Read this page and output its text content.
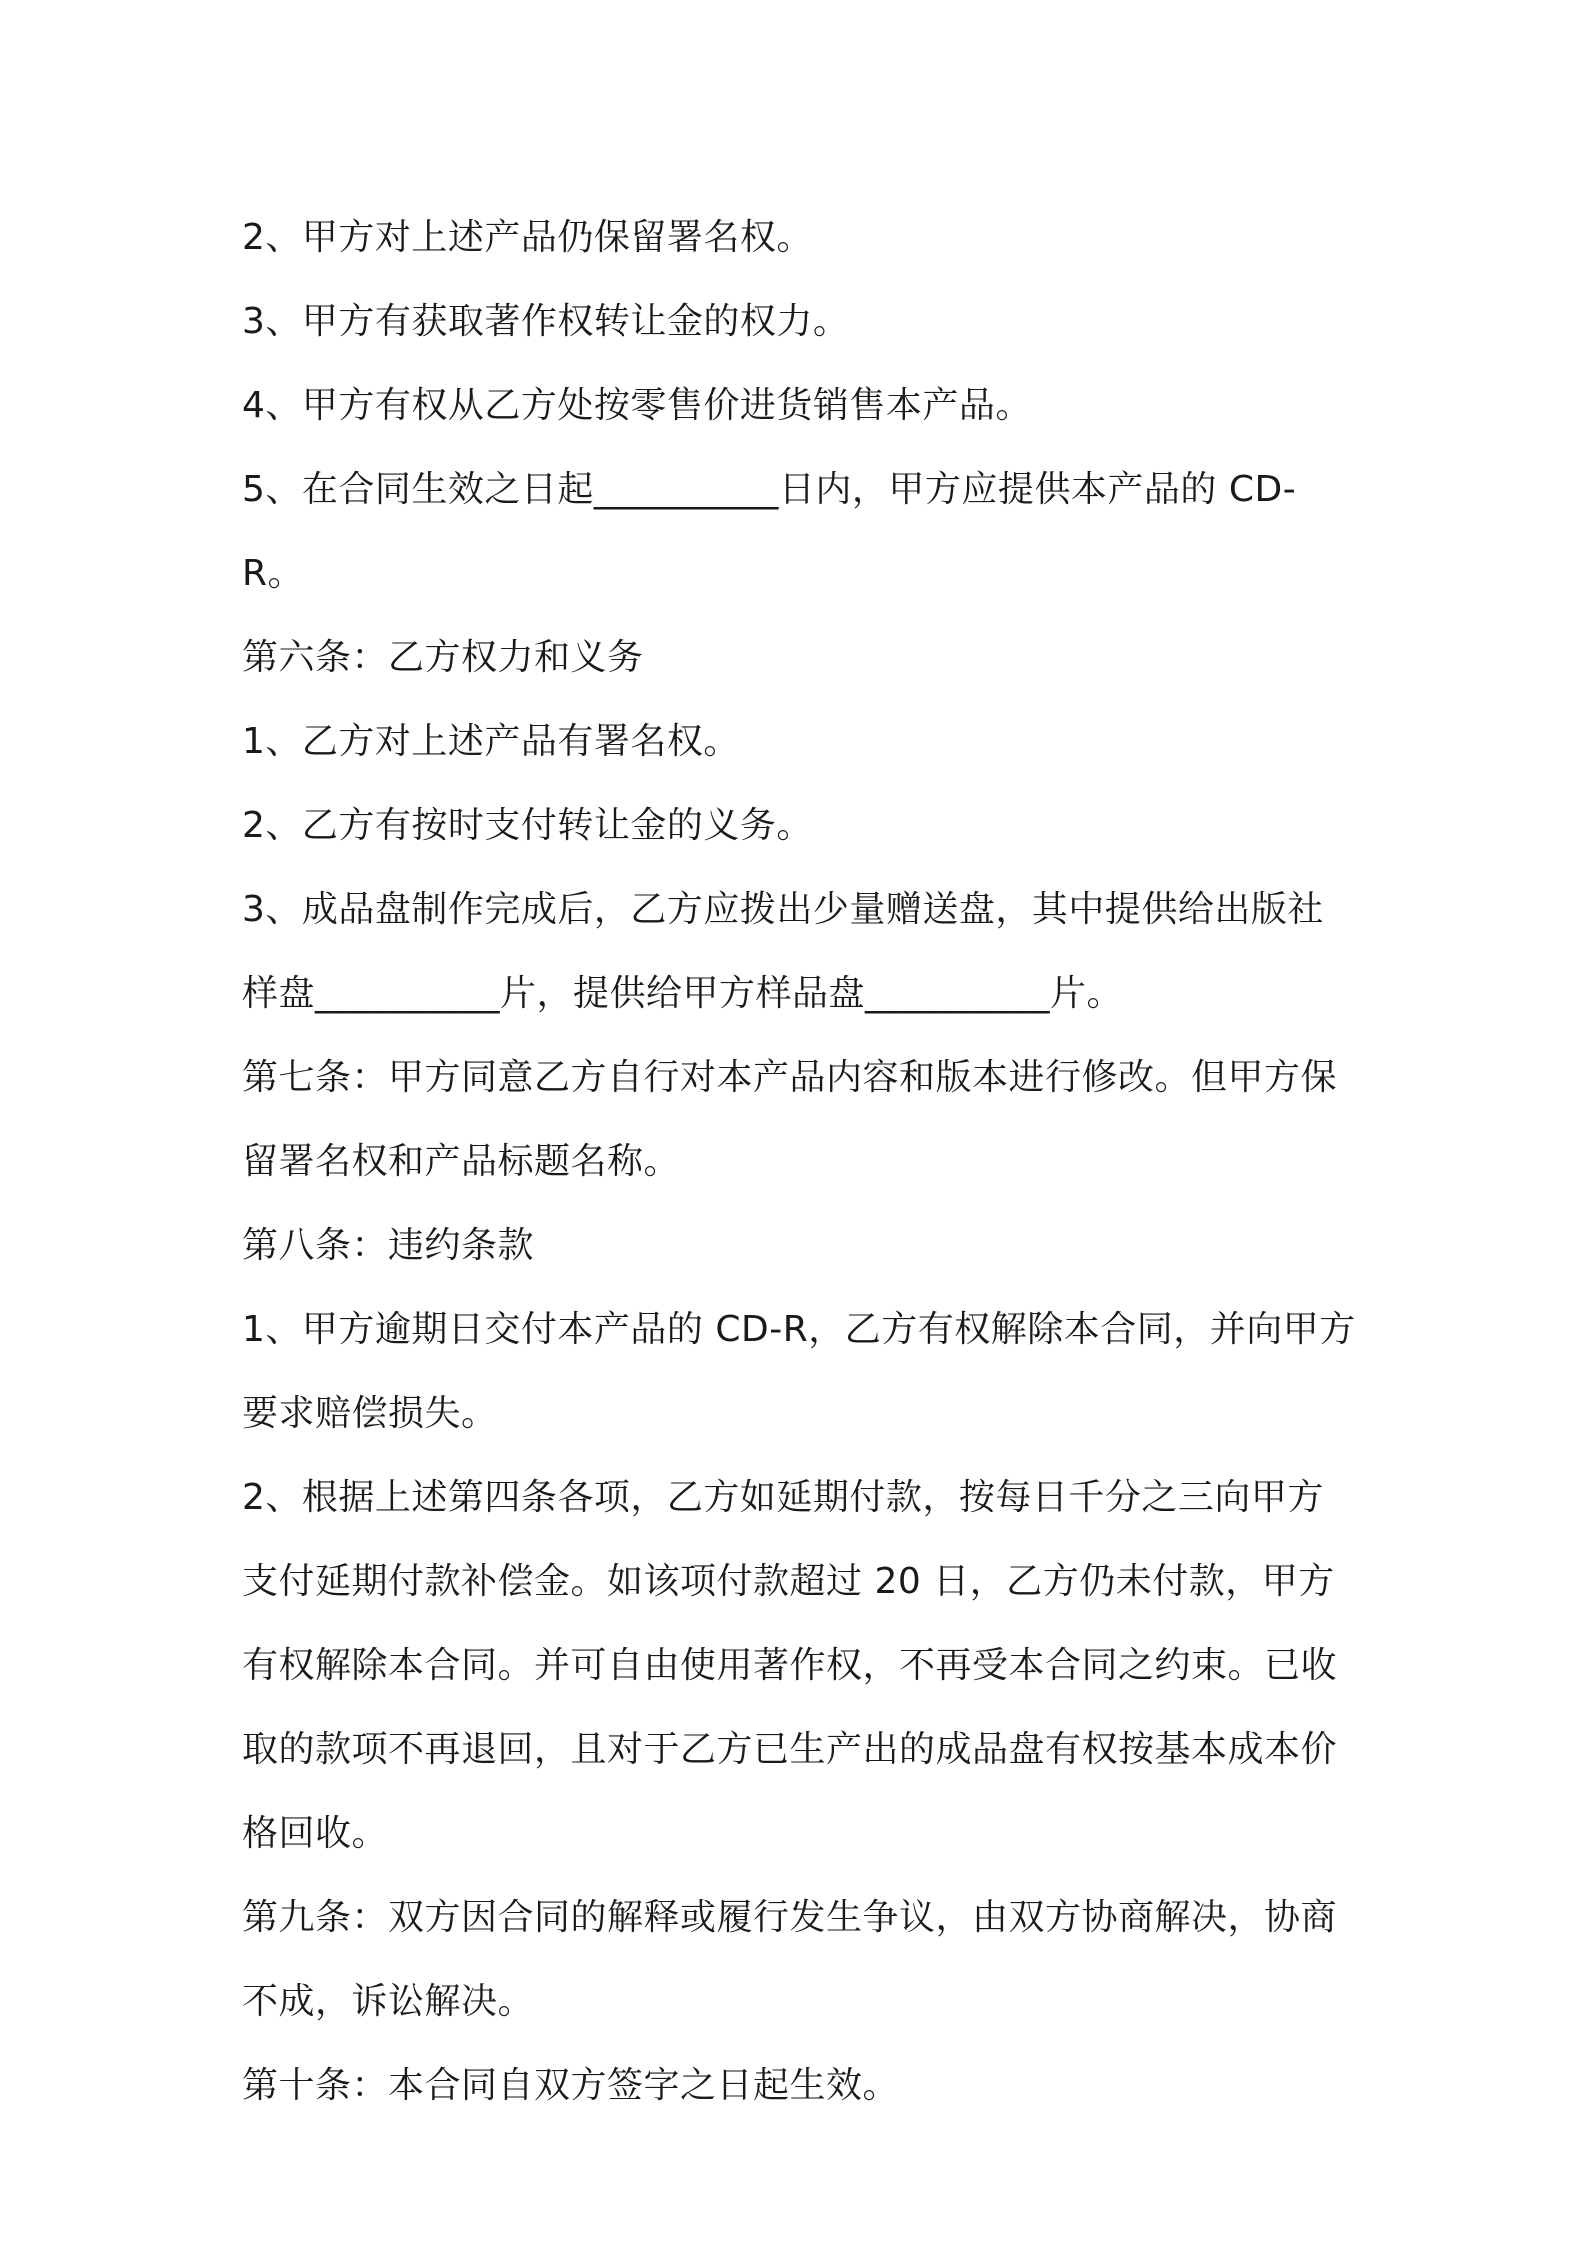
2、甲方对上述产品仍保留署名权。

3、甲方有获取著作权转让金的权力。

4、甲方有权从乙方处按零售价进货销售本产品。

5、在合同生效之日起__________日内，甲方应提供本产品的 CD-R。

第六条：乙方权力和义务

1、乙方对上述产品有署名权。

2、乙方有按时支付转让金的义务。

3、成品盘制作完成后，乙方应拨出少量赠送盘，其中提供给出版社样盘__________片，提供给甲方样品盘__________片。

第七条：甲方同意乙方自行对本产品内容和版本进行修改。但甲方保留署名权和产品标题名称。

第八条：违约条款

1、甲方逾期日交付本产品的 CD-R，乙方有权解除本合同，并向甲方要求赔偿损失。

2、根据上述第四条各项，乙方如延期付款，按每日千分之三向甲方支付延期付款补偿金。如该项付款超过 20 日，乙方仍未付款，甲方有权解除本合同。并可自由使用著作权，不再受本合同之约束。已收取的款项不再退回，且对于乙方已生产出的成品盘有权按基本成本价格回收。

第九条：双方因合同的解释或履行发生争议，由双方协商解决，协商不成，诉讼解决。

第十条：本合同自双方签字之日起生效。
